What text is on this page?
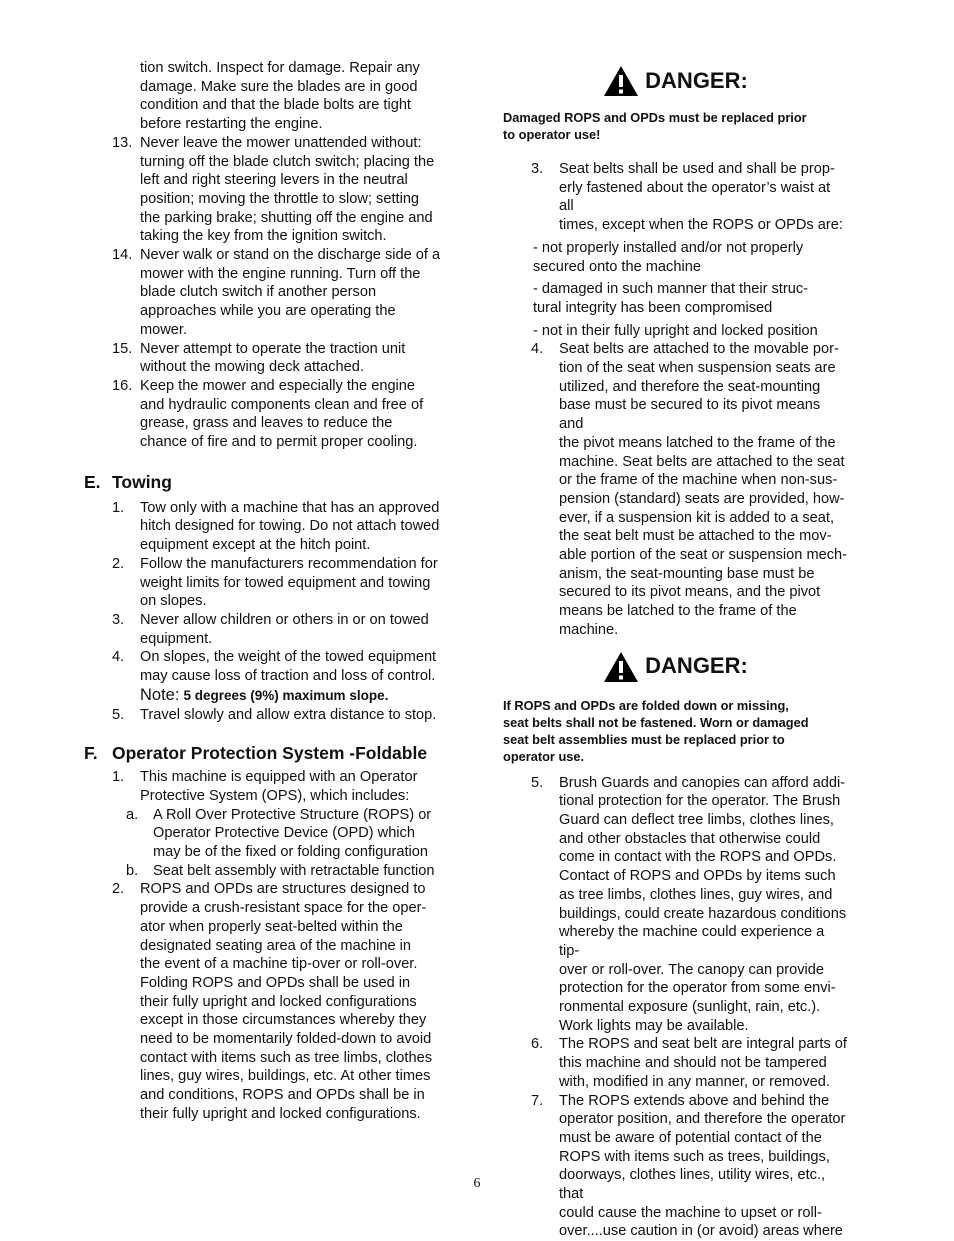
tion switch. Inspect for damage. Repair any
damage. Make sure the blades are in good
condition and that the blade bolts are tight
before restarting the engine.
13. Never leave the mower unattended without:
turning off the blade clutch switch; placing the
left and right steering levers in the neutral
position; moving the throttle to slow; setting
the parking brake; shutting off the engine and
taking the key from the ignition switch.
14. Never walk or stand on the discharge side of a
mower with the engine running. Turn off the
blade clutch switch if another person
approaches while you are operating the
mower.
15. Never attempt to operate the traction unit
without the mowing deck attached.
16. Keep the mower and especially the engine
and hydraulic components clean and free of
grease, grass and leaves to reduce the
chance of fire and to permit proper cooling.
E. Towing
1. Tow only with a machine that has an approved
hitch designed for towing. Do not attach towed
equipment except at the hitch point.
2. Follow the manufacturers recommendation for
weight limits for towed equipment and towing
on slopes.
3. Never allow children or others in or on towed
equipment.
4. On slopes, the weight of the towed equipment
may cause loss of traction and loss of control.
Note: 5 degrees (9%) maximum slope.
5. Travel slowly and allow extra distance to stop.
F. Operator Protection System -Foldable
1. This machine is equipped with an Operator
Protective System (OPS), which includes:
a. A Roll Over Protective Structure (ROPS) or
Operator Protective Device (OPD) which
may be of the fixed or folding configuration
b. Seat belt assembly with retractable function
2. ROPS and OPDs are structures designed to
provide a crush-resistant space for the oper-
ator when properly seat-belted within the
designated seating area of the machine in
the event of a machine tip-over or roll-over.
Folding ROPS and OPDs shall be used in
their fully upright and locked configurations
except in those circumstances whereby they
need to be momentarily folded-down to avoid
contact with items such as tree limbs, clothes
lines, guy wires, buildings, etc. At other times
and conditions, ROPS and OPDs shall be in
their fully upright and locked configurations.
DANGER:
Damaged ROPS and OPDs must be replaced prior
to operator use!
3. Seat belts shall be used and shall be prop-
erly fastened about the operator’s waist at all
times, except when the ROPS or OPDs are:
- not properly installed and/or not properly
secured onto the machine
- damaged in such manner that their struc-
tural integrity has been compromised
- not in their fully upright and locked position
4. Seat belts are attached to the movable por-
tion of the seat when suspension seats are
utilized, and therefore the seat-mounting
base must be secured to its pivot means and
the pivot means latched to the frame of the
machine. Seat belts are attached to the seat
or the frame of the machine when non-sus-
pension (standard) seats are provided, how-
ever, if a suspension kit is added to a seat,
the seat belt must be attached to the mov-
able portion of the seat or suspension mech-
anism, the seat-mounting base must be
secured to its pivot means, and the pivot
means be latched to the frame of the
machine.
DANGER:
If ROPS and OPDs are folded down or missing,
seat belts shall not be fastened. Worn or damaged
seat belt assemblies must be replaced prior to
operator use.
5. Brush Guards and canopies can afford addi-
tional protection for the operator. The Brush
Guard can deflect tree limbs, clothes lines,
and other obstacles that otherwise could
come in contact with the ROPS and OPDs.
Contact of ROPS and OPDs by items such
as tree limbs, clothes lines, guy wires, and
buildings, could create hazardous conditions
whereby the machine could experience a tip-
over or roll-over. The canopy can provide
protection for the operator from some envi-
ronmental exposure (sunlight, rain, etc.).
Work lights may be available.
6. The ROPS and seat belt are integral parts of
this machine and should not be tampered
with, modified in any manner, or removed.
7. The ROPS extends above and behind the
operator position, and therefore the operator
must be aware of potential contact of the
ROPS with items such as trees, buildings,
doorways, clothes lines, utility wires, etc., that
could cause the machine to upset or roll-
over....use caution in (or avoid) areas where
6
